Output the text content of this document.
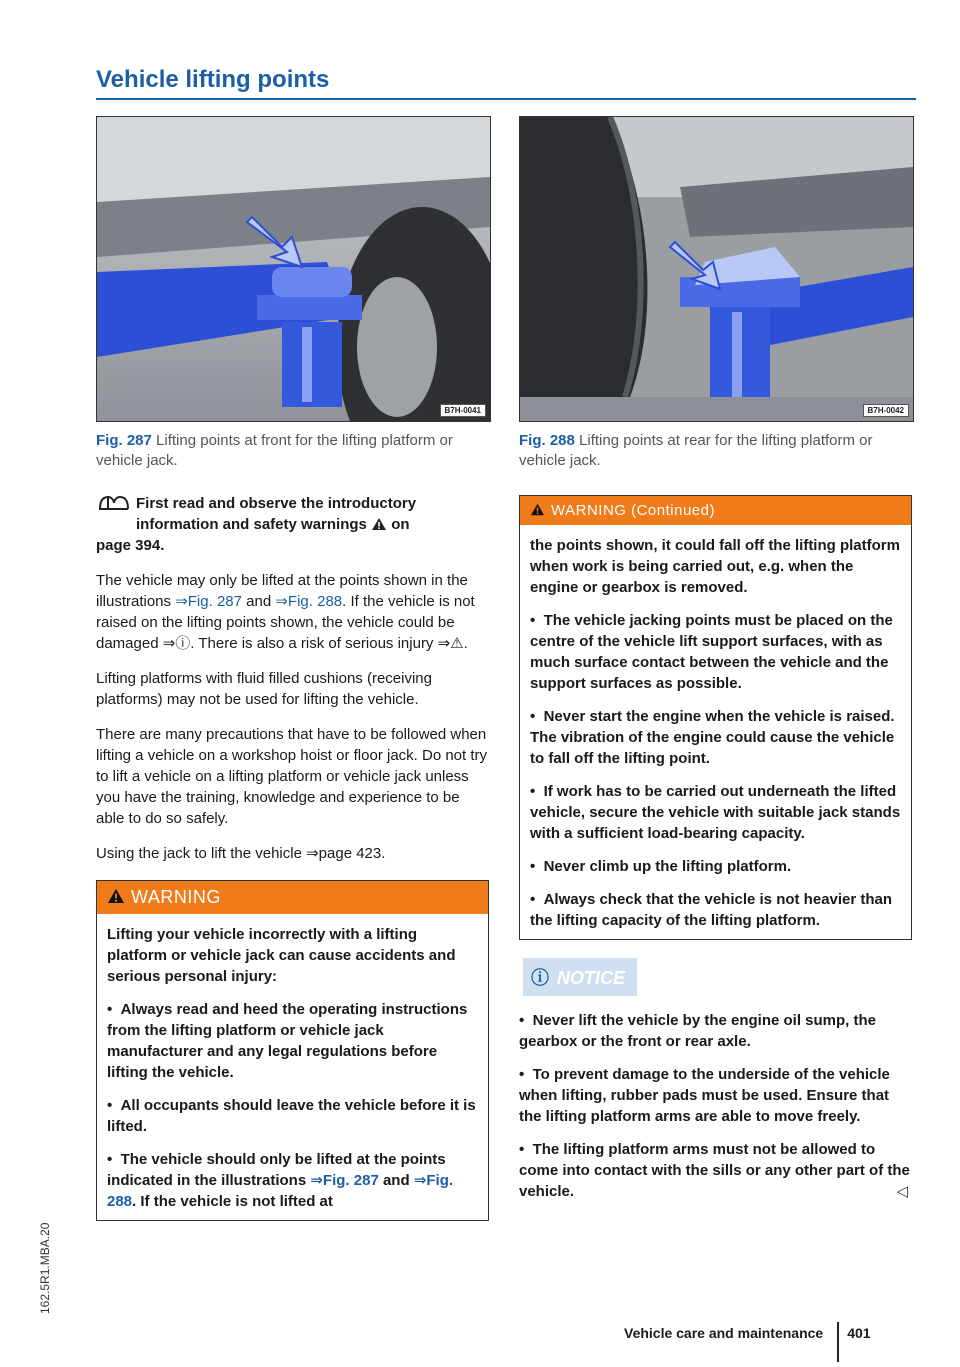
Vehicle lifting points
162.5R1.MBA.20
B7H-0041
Fig. 287 Lifting points at front for the lifting platform or vehicle jack.
First read and observe the introductory
information and safety warnings on
page 394.

The vehicle may only be lifted at the points shown in the illustrations ⇒Fig. 287 and ⇒Fig. 288. If the vehicle is not raised on the lifting points shown, the vehicle could be damaged ⇒ⓘ. There is also a risk of serious injury ⇒⚠.

Lifting platforms with fluid filled cushions (receiving platforms) may not be used for lifting the vehicle.

There are many precautions that have to be followed when lifting a vehicle on a workshop hoist or floor jack. Do not try to lift a vehicle on a lifting platform or vehicle jack unless you have the training, knowledge and experience to be able to do so safely.

Using the jack to lift the vehicle ⇒page 423.

WARNING

Lifting your vehicle incorrectly with a lifting platform or vehicle jack can cause accidents and serious personal injury:

•  Always read and heed the operating instructions from the lifting platform or vehicle jack manufacturer and any legal regulations before lifting the vehicle.

•  All occupants should leave the vehicle before it is lifted.

•  The vehicle should only be lifted at the points indicated in the illustrations ⇒Fig. 287 and ⇒Fig. 288. If the vehicle is not lifted at

B7H-0042
Fig. 288 Lifting points at rear for the lifting platform or vehicle jack.
WARNING (Continued)

the points shown, it could fall off the lifting platform when work is being carried out, e.g. when the engine or gearbox is removed.

•  The vehicle jacking points must be placed on the centre of the vehicle lift support surfaces, with as much surface contact between the vehicle and the support surfaces as possible.

•  Never start the engine when the vehicle is raised. The vibration of the engine could cause the vehicle to fall off the lifting point.

•  If work has to be carried out underneath the lifted vehicle, secure the vehicle with suitable jack stands with a sufficient load-bearing capacity.

•  Never climb up the lifting platform.

•  Always check that the vehicle is not heavier than the lifting capacity of the lifting platform.

ⓘ NOTICE

•  Never lift the vehicle by the engine oil sump, the gearbox or the front or rear axle.

•  To prevent damage to the underside of the vehicle when lifting, rubber pads must be used. Ensure that the lifting platform arms are able to move freely.

•  The lifting platform arms must not be allowed to come into contact with the sills or any other part of the vehicle.	◁

Vehicle care and maintenance 401
